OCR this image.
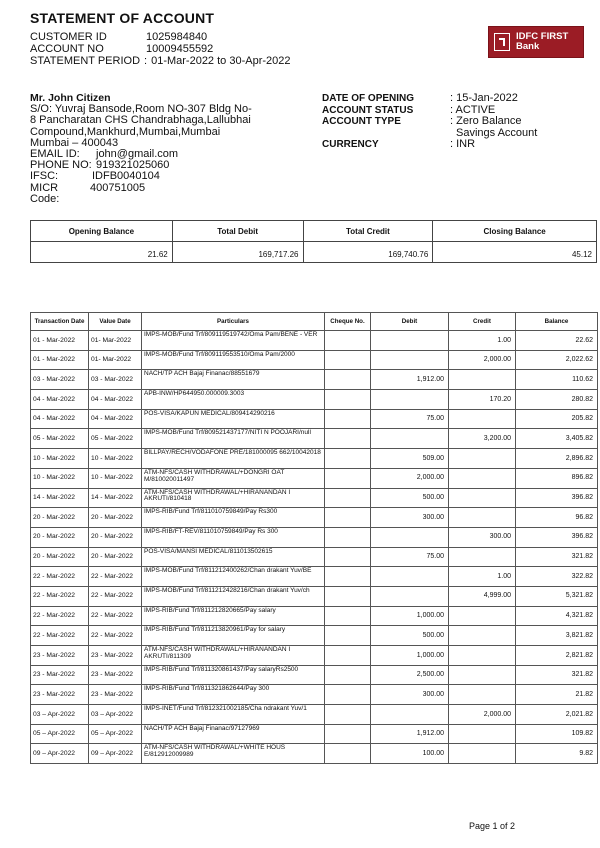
STATEMENT OF ACCOUNT
CUSTOMER ID	1025984840
ACCOUNT NO	10009455592
STATEMENT PERIOD : 01-Mar-2022 to 30-Apr-2022
IDFC FIRST
Bank
Mr. John Citizen
S/O: Yuvraj Bansode,Room NO-307 Bldg No-
8 Pancharatan CHS Chandrabhaga,Lallubhai
Compound,Mankhurd,Mumbai,Mumbai
Mumbai – 400043
EMAIL ID:	john@gmail.com
PHONE NO: 919321025060
IFSC:	IDFB0040104
MICR Code:
400751005
DATE OF OPENING	: 15-Jan-2022
ACCOUNT STATUS	: ACTIVE
ACCOUNT TYPE	: Zero Balance
Savings Account
CURRENCY	: INR
Opening Balance	Total Debit	Total Credit	Closing Balance
21.62	169,717.26	169,740.76	45.12
Transaction Date	Value Date	Particulars	Cheque No.	Debit	Credit	Balance
01 - Mar-2022	01- Mar-2022	IMPS-MOB/Fund Trf/809119519742/Oma Pam/BENE - VER			1.00	22.62
01 - Mar-2022	01- Mar-2022	IMPS-MOB/Fund Trf/809119553510/Oma Pam/2000			2,000.00	2,022.62
03 - Mar-2022	03 - Mar-2022	NACH/TP ACH Bajaj Finanac/88551679		1,912.00		110.62
04 - Mar-2022	04 - Mar-2022	APB-INW/HP644950.000009.3003			170.20	280.82
04 - Mar-2022	04 - Mar-2022	POS-VISA/KAPUN MEDICAL/809414290216		75.00		205.82
05 - Mar-2022	05 - Mar-2022	IMPS-MOB/Fund Trf/809521437177/NITI N POOJARI/null			3,200.00	3,405.82
10 - Mar-2022	10 - Mar-2022	BILLPAY/RECH/VODAFONE PRE/181000095 662/10042018		509.00		2,896.82
10 - Mar-2022	10 - Mar-2022	ATM-NFS/CASH WITHDRAWAL/+DONGRI OAT M/810020011497		2,000.00		896.82
14 - Mar-2022	14 - Mar-2022	ATM-NFS/CASH WITHDRAWAL/+HIRANANDAN I AKRUTI/810418		500.00		396.82
20 - Mar-2022	20 - Mar-2022	IMPS-RIB/Fund Trf/811010759849/Pay Rs300		300.00		96.82
20 - Mar-2022	20 - Mar-2022	IMPS-RIB/FT-REV/811010759849/Pay Rs 300			300.00	396.82
20 - Mar-2022	20 - Mar-2022	POS-VISA/MANSI MEDICAL/811013502615		75.00		321.82
22 - Mar-2022	22 - Mar-2022	IMPS-MOB/Fund Trf/811212400262/Chan drakant Yuv/BE			1.00	322.82
22 - Mar-2022	22 - Mar-2022	IMPS-MOB/Fund Trf/811212428216/Chan drakant Yuv/ch			4,999.00	5,321.82
22 - Mar-2022	22 - Mar-2022	IMPS-RIB/Fund Trf/811212820665/Pay salary		1,000.00		4,321.82
22 - Mar-2022	22 - Mar-2022	IMPS-RIB/Fund Trf/811213820961/Pay for salary		500.00		3,821.82
23 - Mar-2022	23 - Mar-2022	ATM-NFS/CASH WITHDRAWAL/+HIRANANDAN I AKRUTI/811309		1,000.00		2,821.82
23 - Mar-2022	23 - Mar-2022	IMPS-RIB/Fund Trf/811320861437/Pay salaryRs2500		2,500.00		321.82
23 - Mar-2022	23 - Mar-2022	IMPS-RIB/Fund Trf/811321862644/Pay 300		300.00		21.82
03 – Apr-2022	03 – Apr-2022	IMPS-INET/Fund Trf/812321002185/Cha ndrakant Yuv/1			2,000.00	2,021.82
05 – Apr-2022	05 – Apr-2022	NACH/TP ACH Bajaj Finanac/97127969		1,912.00		109.82
09 – Apr-2022	09 – Apr-2022	ATM-NFS/CASH WITHDRAWAL/+WHITE HOUS E/812912009989		100.00		9.82
Page 1 of 2
